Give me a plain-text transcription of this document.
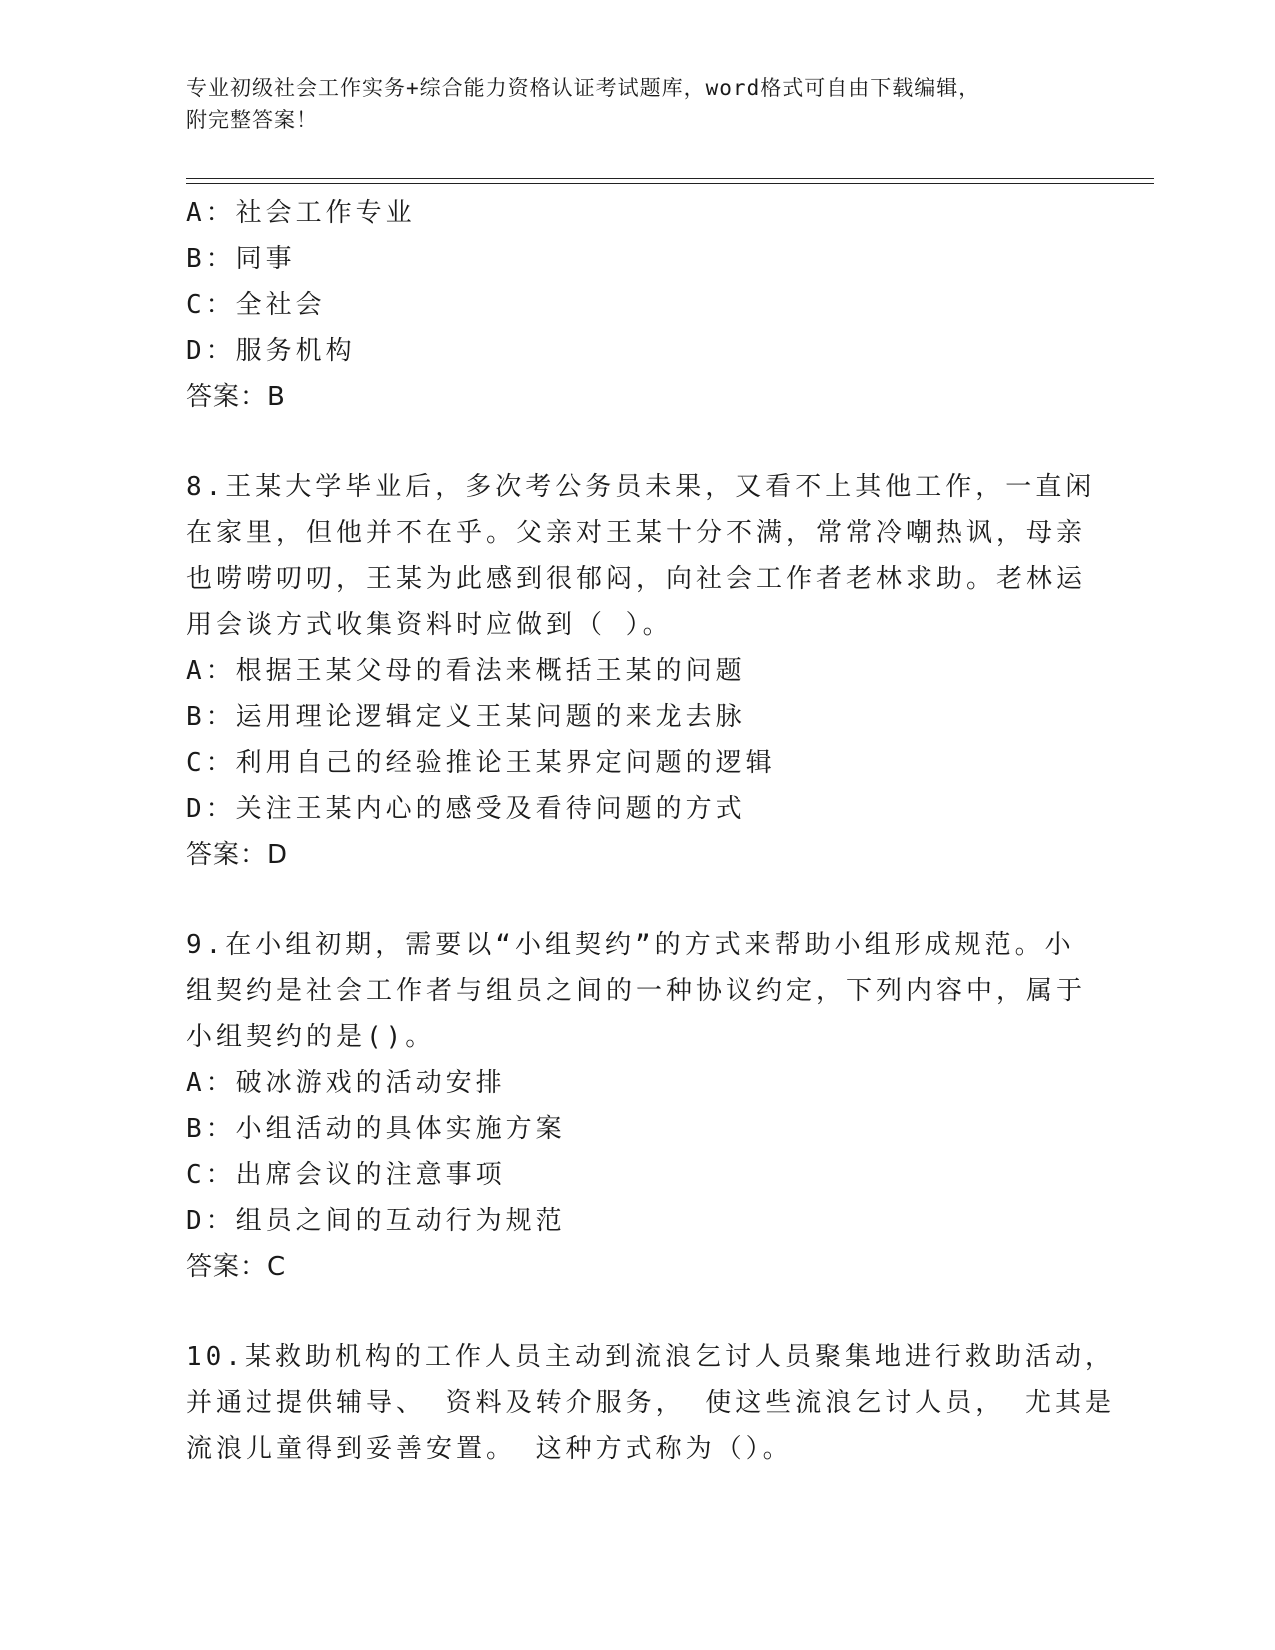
专业初级社会工作实务+综合能力资格认证考试题库，word格式可自由下载编辑，
附完整答案！
A：社会工作专业
B：同事
C：全社会
D：服务机构
答案：B
8.王某大学毕业后，多次考公务员未果，又看不上其他工作，一直闲
在家里，但他并不在乎。父亲对王某十分不满，常常冷嘲热讽，母亲
也唠唠叨叨，王某为此感到很郁闷，向社会工作者老林求助。老林运
用会谈方式收集资料时应做到（ ）。
A：根据王某父母的看法来概括王某的问题
B：运用理论逻辑定义王某问题的来龙去脉
C：利用自己的经验推论王某界定问题的逻辑
D：关注王某内心的感受及看待问题的方式
答案：D
9.在小组初期，需要以“小组契约”的方式来帮助小组形成规范。小
组契约是社会工作者与组员之间的一种协议约定，下列内容中，属于
小组契约的是()。
A：破冰游戏的活动安排
B：小组活动的具体实施方案
C：出席会议的注意事项
D：组员之间的互动行为规范
答案：C
10.某救助机构的工作人员主动到流浪乞讨人员聚集地进行救助活动，
并通过提供辅导、 资料及转介服务， 使这些流浪乞讨人员， 尤其是
流浪儿童得到妥善安置。 这种方式称为（）。
